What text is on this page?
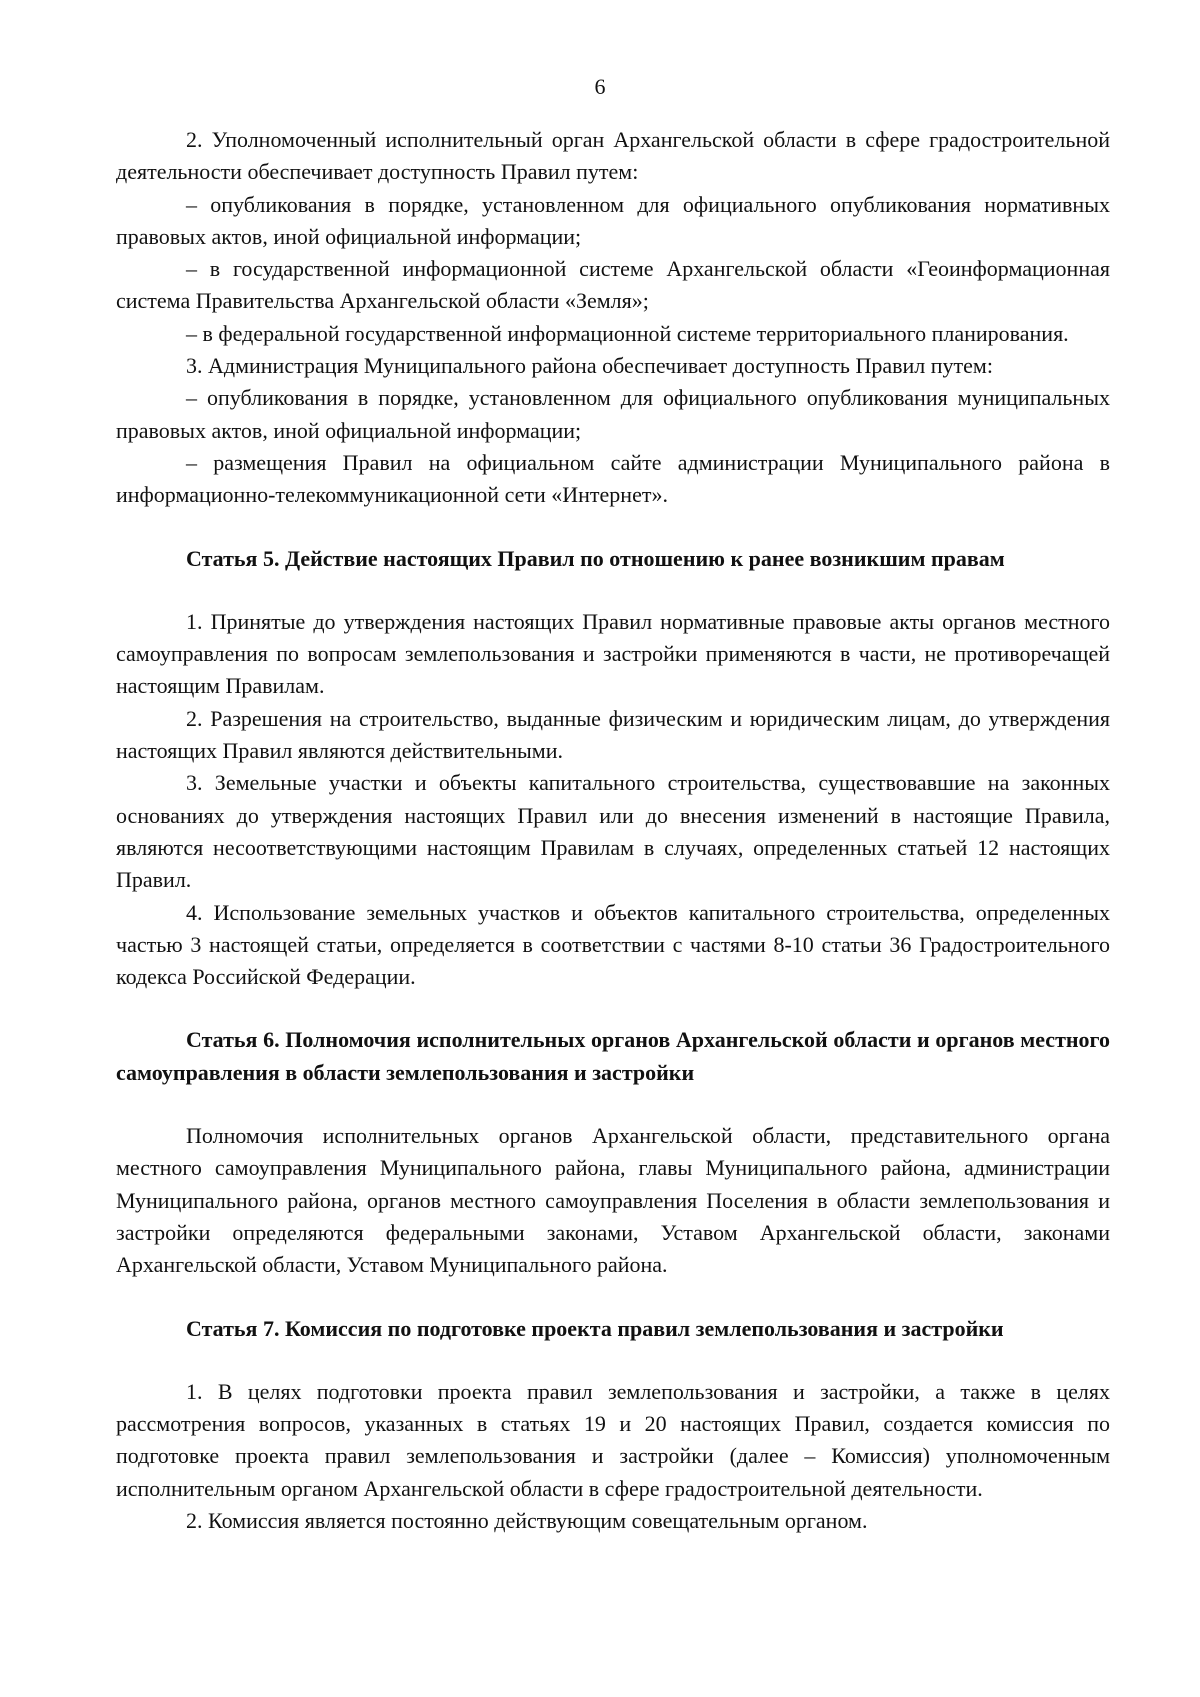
6

2. Уполномоченный исполнительный орган Архангельской области в сфере градостроительной деятельности обеспечивает доступность Правил путем:

– опубликования в порядке, установленном для официального опубликования нормативных правовых актов, иной официальной информации;

– в государственной информационной системе Архангельской области «Геоинформационная система Правительства Архангельской области «Земля»;

– в федеральной государственной информационной системе территориального планирования.

3. Администрация Муниципального района обеспечивает доступность Правил путем:

– опубликования в порядке, установленном для официального опубликования муниципальных правовых актов, иной официальной информации;

– размещения Правил на официальном сайте администрации Муниципального района в информационно-телекоммуникационной сети «Интернет».

Статья 5. Действие настоящих Правил по отношению к ранее возникшим правам

1. Принятые до утверждения настоящих Правил нормативные правовые акты органов местного самоуправления по вопросам землепользования и застройки применяются в части, не противоречащей настоящим Правилам.

2. Разрешения на строительство, выданные физическим и юридическим лицам, до утверждения настоящих Правил являются действительными.

3. Земельные участки и объекты капитального строительства, существовавшие на законных основаниях до утверждения настоящих Правил или до внесения изменений в настоящие Правила, являются несоответствующими настоящим Правилам в случаях, определенных статьей 12 настоящих Правил.

4. Использование земельных участков и объектов капитального строительства, определенных частью 3 настоящей статьи, определяется в соответствии с частями 8-10 статьи 36 Градостроительного кодекса Российской Федерации.

Статья 6. Полномочия исполнительных органов Архангельской области и органов местного самоуправления в области землепользования и застройки

Полномочия исполнительных органов Архангельской области, представительного органа местного самоуправления Муниципального района, главы Муниципального района, администрации Муниципального района, органов местного самоуправления Поселения в области землепользования и застройки определяются федеральными законами, Уставом Архангельской области, законами Архангельской области, Уставом Муниципального района.

Статья 7. Комиссия по подготовке проекта правил землепользования и застройки

1. В целях подготовки проекта правил землепользования и застройки, а также в целях рассмотрения вопросов, указанных в статьях 19 и 20 настоящих Правил, создается комиссия по подготовке проекта правил землепользования и застройки (далее – Комиссия) уполномоченным исполнительным органом Архангельской области в сфере градостроительной деятельности.

2. Комиссия является постоянно действующим совещательным органом.
